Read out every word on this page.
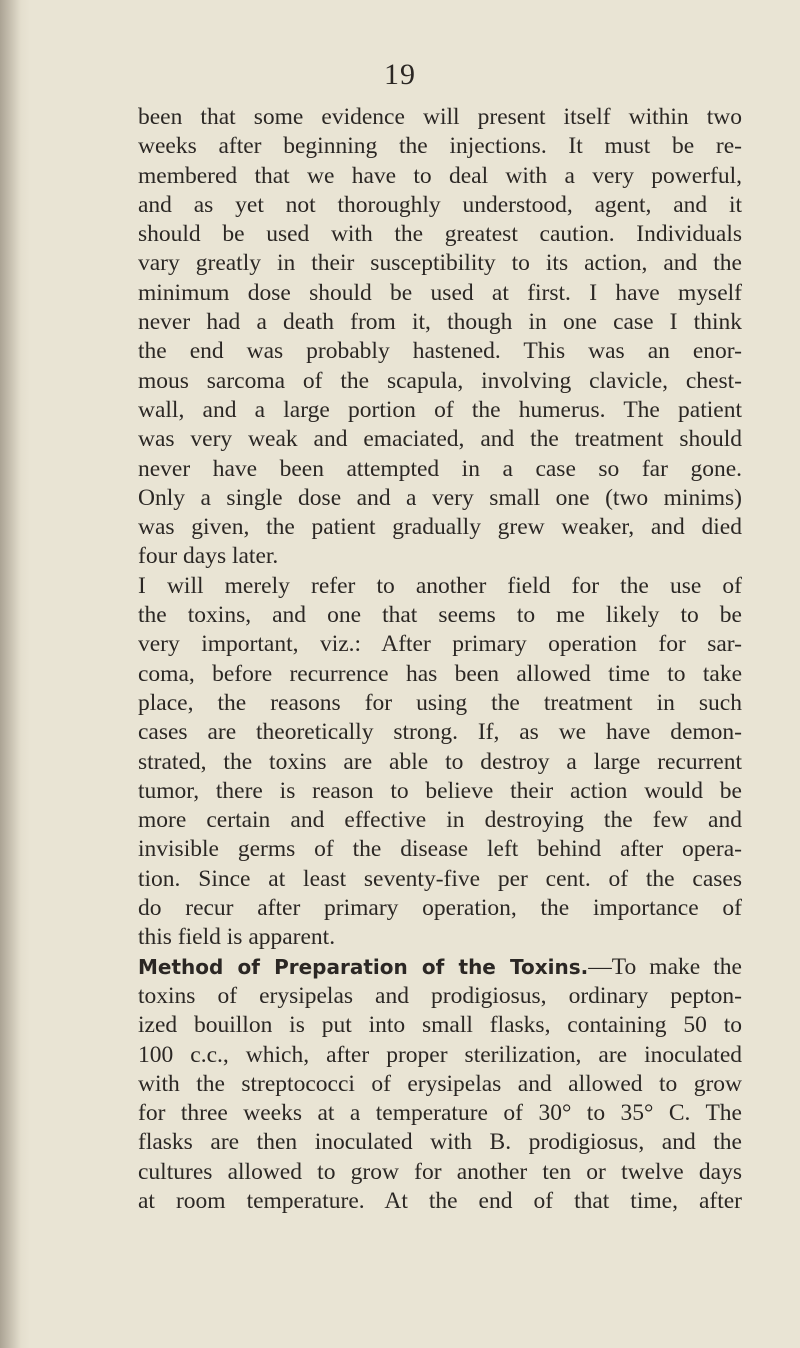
19
been that some evidence will present itself within two
weeks after beginning the injections. It must be re-
membered that we have to deal with a very powerful,
and as yet not thoroughly understood, agent, and it
should be used with the greatest caution. Individuals
vary greatly in their susceptibility to its action, and the
minimum dose should be used at first. I have myself
never had a death from it, though in one case I think
the end was probably hastened. This was an enor-
mous sarcoma of the scapula, involving clavicle, chest-
wall, and a large portion of the humerus. The patient
was very weak and emaciated, and the treatment should
never have been attempted in a case so far gone.
Only a single dose and a very small one (two minims)
was given, the patient gradually grew weaker, and died
four days later.
I will merely refer to another field for the use of
the toxins, and one that seems to me likely to be
very important, viz.: After primary operation for sar-
coma, before recurrence has been allowed time to take
place, the reasons for using the treatment in such
cases are theoretically strong. If, as we have demon-
strated, the toxins are able to destroy a large recurrent
tumor, there is reason to believe their action would be
more certain and effective in destroying the few and
invisible germs of the disease left behind after opera-
tion. Since at least seventy-five per cent. of the cases
do recur after primary operation, the importance of
this field is apparent.
Method of Preparation of the Toxins.—To make the
toxins of erysipelas and prodigiosus, ordinary pepton-
ized bouillon is put into small flasks, containing 50 to
100 c.c., which, after proper sterilization, are inoculated
with the streptococci of erysipelas and allowed to grow
for three weeks at a temperature of 30° to 35° C. The
flasks are then inoculated with B. prodigiosus, and the
cultures allowed to grow for another ten or twelve days
at room temperature. At the end of that time, after
